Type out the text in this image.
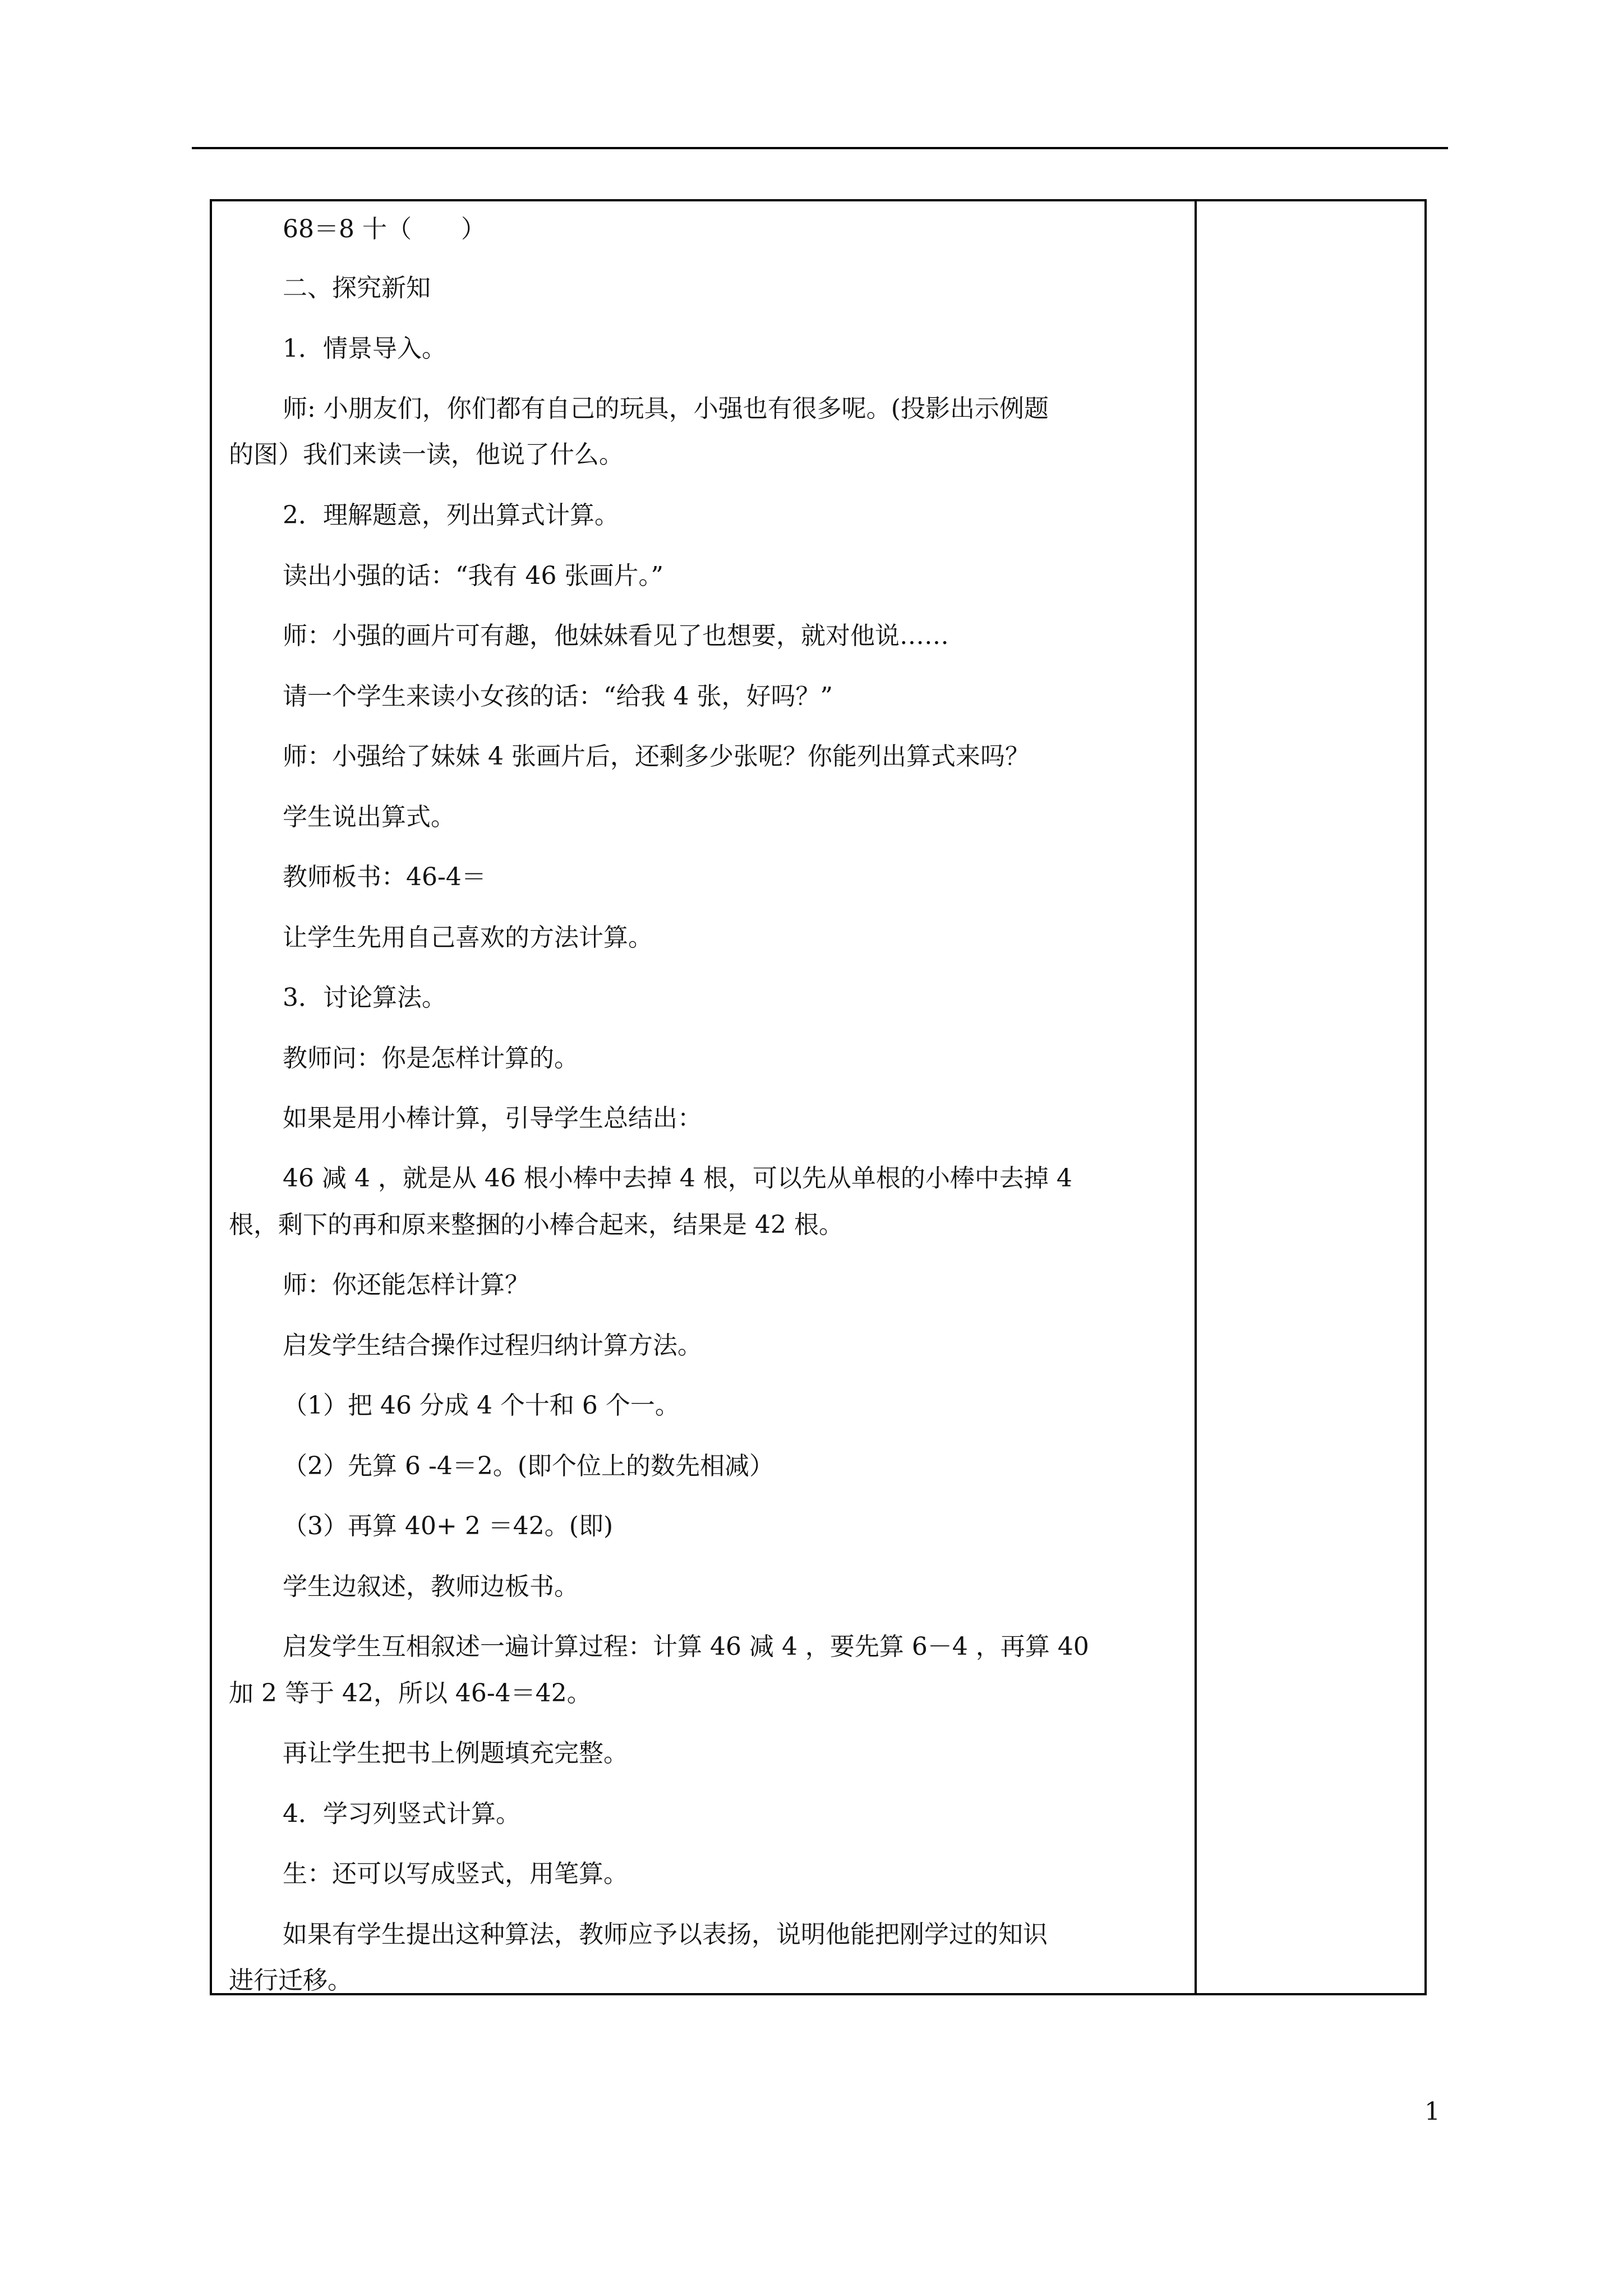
68＝8 十（　　）
二、探究新知
1．情景导入。
师: 小朋友们，你们都有自己的玩具，小强也有很多呢。(投影出示例题
的图）我们来读一读，他说了什么。
2．理解题意，列出算式计算。
读出小强的话：“我有 46 张画片。”
师：小强的画片可有趣，他妹妹看见了也想要，就对他说……
请一个学生来读小女孩的话：“给我 4 张，好吗？”
师：小强给了妹妹 4 张画片后，还剩多少张呢？你能列出算式来吗？
学生说出算式。
教师板书：46-4＝
让学生先用自己喜欢的方法计算。
3．讨论算法。
教师问：你是怎样计算的。
如果是用小棒计算，引导学生总结出：
46 减 4 ，就是从 46 根小棒中去掉 4 根，可以先从单根的小棒中去掉 4
根，剩下的再和原来整捆的小棒合起来，结果是 42 根。
师：你还能怎样计算？
启发学生结合操作过程归纳计算方法。
（1）把 46 分成 4 个十和 6 个一。
（2）先算 6 -4＝2。(即个位上的数先相减）
（3）再算 40+ 2 ＝42。(即)
学生边叙述，教师边板书。
启发学生互相叙述一遍计算过程：计算 46 减 4 ，要先算 6－4 ，再算 40
加 2 等于 42，所以 46-4＝42。
再让学生把书上例题填充完整。
4．学习列竖式计算。
生：还可以写成竖式，用笔算。
如果有学生提出这种算法，教师应予以表扬，说明他能把刚学过的知识
进行迁移。
1
